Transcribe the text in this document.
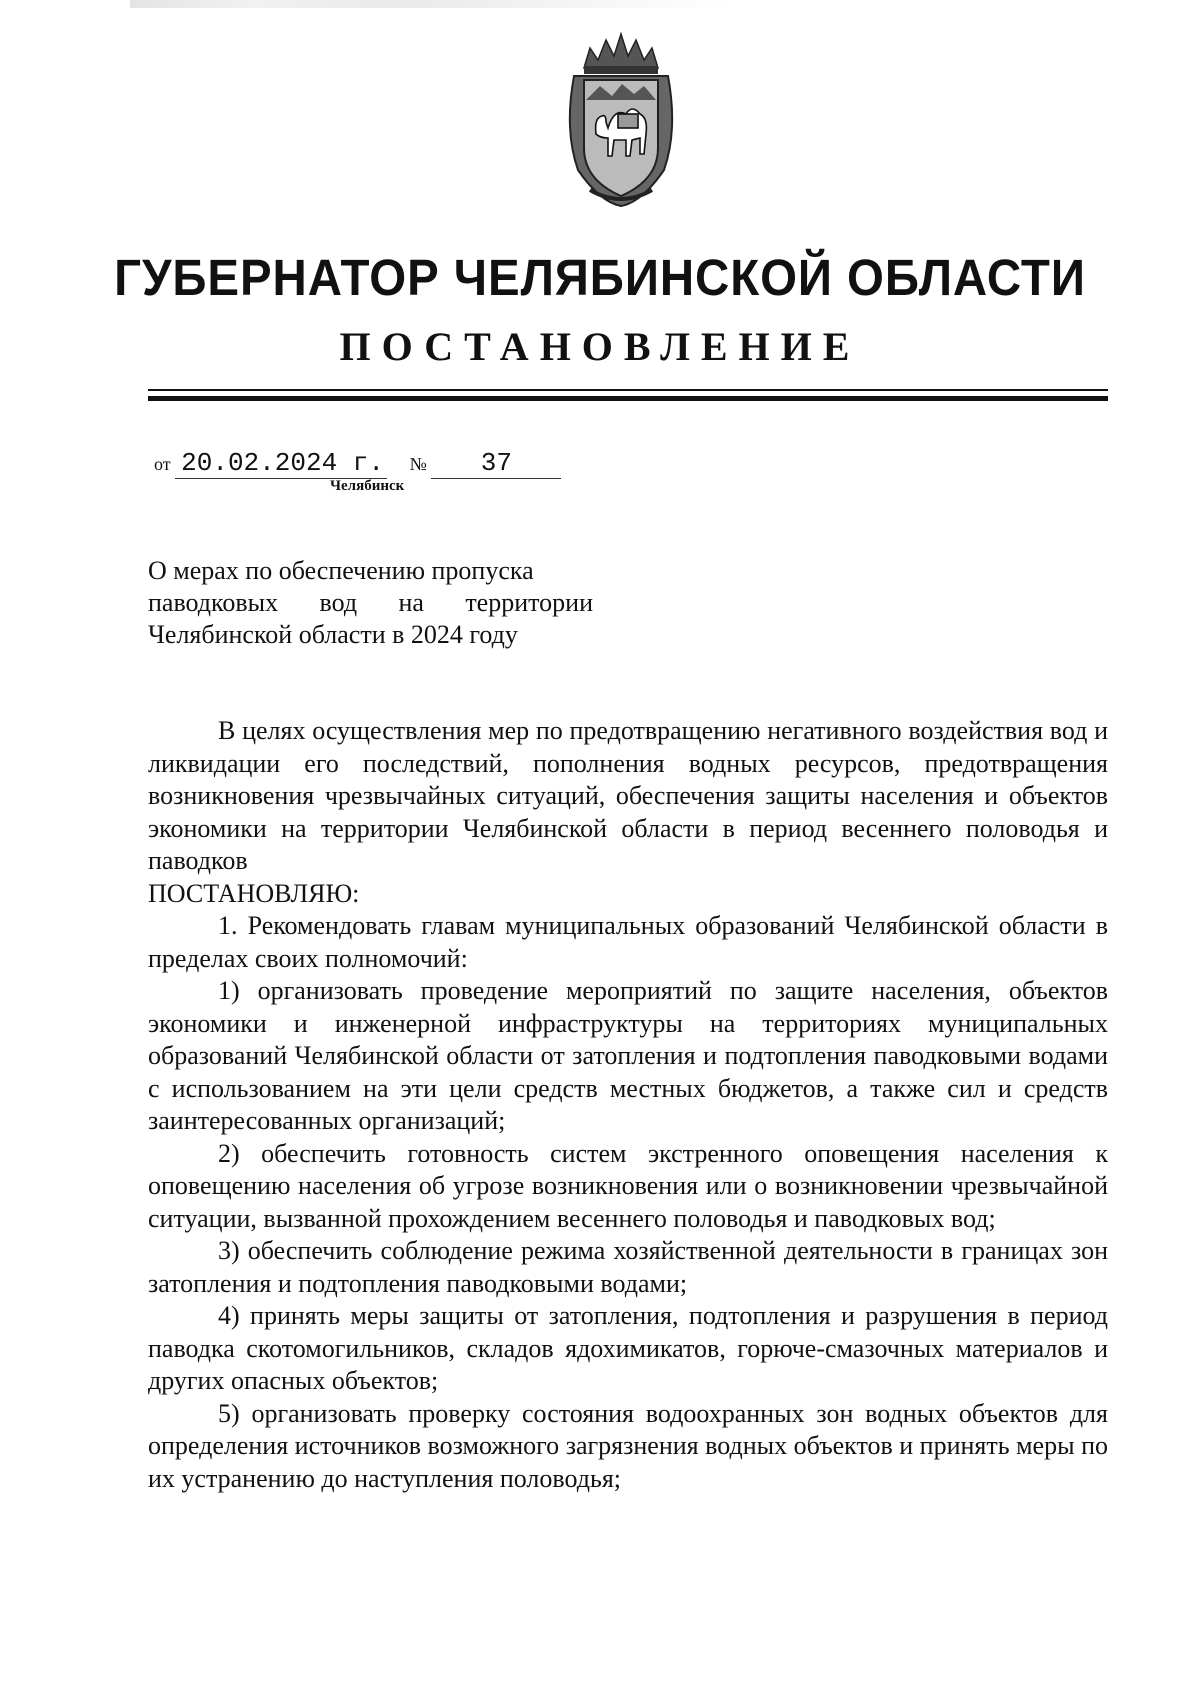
ГУБЕРНАТОР ЧЕЛЯБИНСКОЙ ОБЛАСТИ
ПОСТАНОВЛЕНИЕ
от 20.02.2024 г. № 37
Челябинск
О мерах по обеспечению пропуска
паводковых вод на территории
Челябинской области в 2024 году

В целях осуществления мер по предотвращению негативного воздействия вод и ликвидации его последствий, пополнения водных ресурсов, предотвращения возникновения чрезвычайных ситуаций, обеспечения защиты населения и объектов экономики на территории Челябинской области в период весеннего половодья и паводков

ПОСТАНОВЛЯЮ:

1. Рекомендовать главам муниципальных образований Челябинской области в пределах своих полномочий:

1) организовать проведение мероприятий по защите населения, объектов экономики и инженерной инфраструктуры на территориях муниципальных образований Челябинской области от затопления и подтопления паводковыми водами с использованием на эти цели средств местных бюджетов, а также сил и средств заинтересованных организаций;

2) обеспечить готовность систем экстренного оповещения населения к оповещению населения об угрозе возникновения или о возникновении чрезвычайной ситуации, вызванной прохождением весеннего половодья и паводковых вод;

3) обеспечить соблюдение режима хозяйственной деятельности в границах зон затопления и подтопления паводковыми водами;

4) принять меры защиты от затопления, подтопления и разрушения в период паводка скотомогильников, складов ядохимикатов, горюче-смазочных материалов и других опасных объектов;

5) организовать проверку состояния водоохранных зон водных объектов для определения источников возможного загрязнения водных объектов и принять меры по их устранению до наступления половодья;
